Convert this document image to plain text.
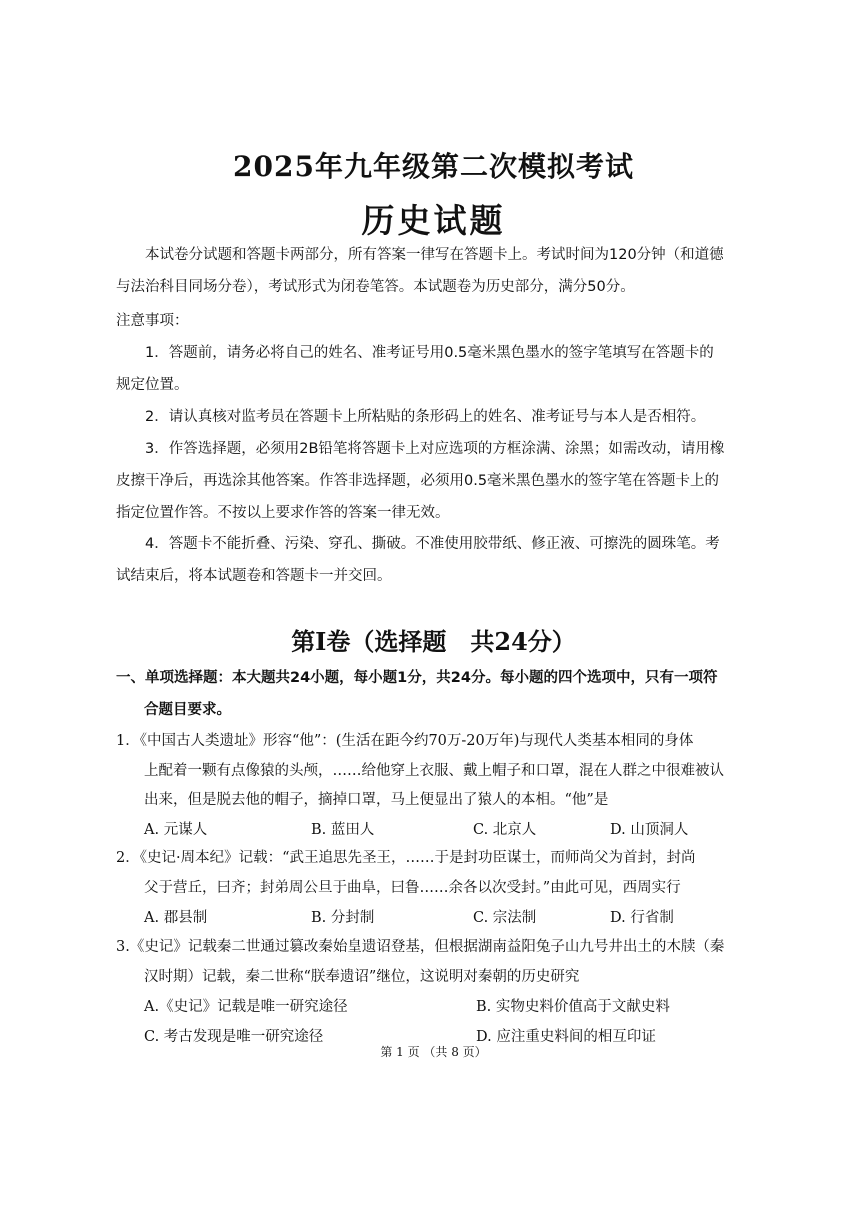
2025年九年级第二次模拟考试
历史试题
本试卷分试题和答题卡两部分，所有答案一律写在答题卡上。考试时间为120分钟（和道德
与法治科目同场分卷），考试形式为闭卷笔答。本试题卷为历史部分，满分50分。
注意事项：
1．答题前，请务必将自己的姓名、准考证号用0.5毫米黑色墨水的签字笔填写在答题卡的
规定位置。
2．请认真核对监考员在答题卡上所粘贴的条形码上的姓名、准考证号与本人是否相符。
3．作答选择题，必须用2B铅笔将答题卡上对应选项的方框涂满、涂黑；如需改动，请用橡
皮擦干净后，再选涂其他答案。作答非选择题，必须用0.5毫米黑色墨水的签字笔在答题卡上的
指定位置作答。不按以上要求作答的答案一律无效。
4．答题卡不能折叠、污染、穿孔、撕破。不准使用胶带纸、修正液、可擦洗的圆珠笔。考
试结束后，将本试题卷和答题卡一并交回。
第Ⅰ卷（选择题　共24分）
一、单项选择题：本大题共24小题，每小题1分，共24分。每小题的四个选项中，只有一项符
合题目要求。
1．《中国古人类遗址》形容“他”：(生活在距今约70万-20万年)与现代人类基本相同的身体
上配着一颗有点像猿的头颅，……给他穿上衣服、戴上帽子和口罩，混在人群之中很难被认
出来，但是脱去他的帽子，摘掉口罩，马上便显出了猿人的本相。“他”是
A. 元谋人	B. 蓝田人	C. 北京人	D. 山顶洞人
2．《史记·周本纪》记载：“武王追思先圣王，……于是封功臣谋士，而师尚父为首封，封尚
父于营丘，曰齐；封弟周公旦于曲阜，曰鲁……余各以次受封。”由此可见，西周实行
A. 郡县制	B. 分封制	C. 宗法制	D. 行省制
3.《史记》记载秦二世通过篡改秦始皇遗诏登基，但根据湖南益阳兔子山九号井出土的木牍（秦
汉时期）记载，秦二世称“朕奉遗诏”继位，这说明对秦朝的历史研究
A.《史记》记载是唯一研究途径	B. 实物史料价值高于文献史料
C. 考古发现是唯一研究途径	D. 应注重史料间的相互印证
第 1 页 （共 8 页）
